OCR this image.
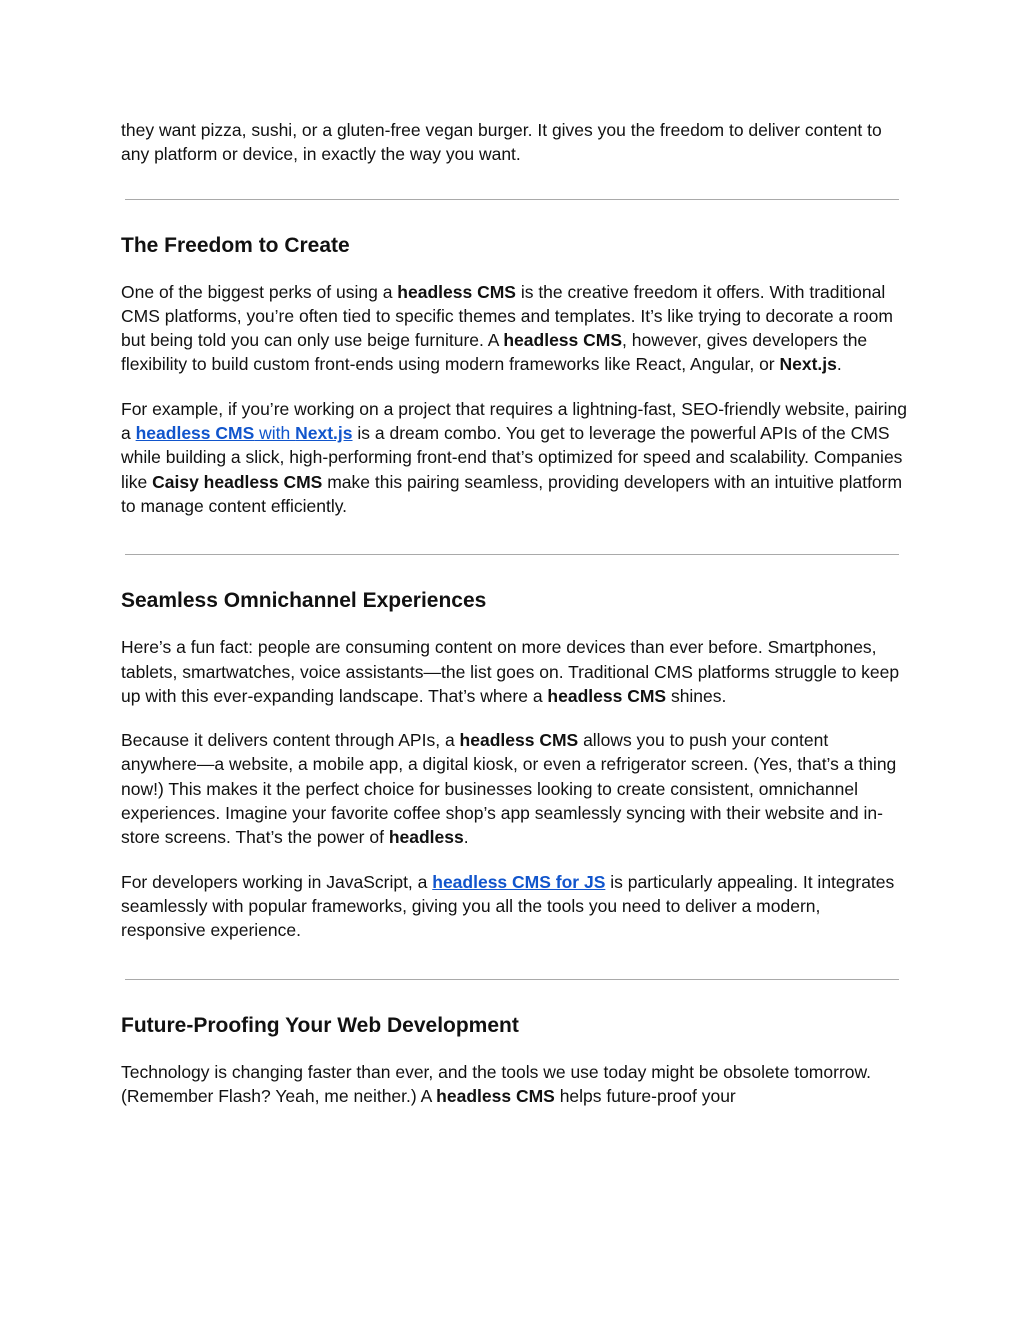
they want pizza, sushi, or a gluten-free vegan burger. It gives you the freedom to deliver content to any platform or device, in exactly the way you want.

The Freedom to Create

One of the biggest perks of using a headless CMS is the creative freedom it offers. With traditional CMS platforms, you’re often tied to specific themes and templates. It’s like trying to decorate a room but being told you can only use beige furniture. A headless CMS, however, gives developers the flexibility to build custom front-ends using modern frameworks like React, Angular, or Next.js.

For example, if you’re working on a project that requires a lightning-fast, SEO-friendly website, pairing a headless CMS with Next.js is a dream combo. You get to leverage the powerful APIs of the CMS while building a slick, high-performing front-end that’s optimized for speed and scalability. Companies like Caisy headless CMS make this pairing seamless, providing developers with an intuitive platform to manage content efficiently.

Seamless Omnichannel Experiences

Here’s a fun fact: people are consuming content on more devices than ever before. Smartphones, tablets, smartwatches, voice assistants—the list goes on. Traditional CMS platforms struggle to keep up with this ever-expanding landscape. That’s where a headless CMS shines.

Because it delivers content through APIs, a headless CMS allows you to push your content anywhere—a website, a mobile app, a digital kiosk, or even a refrigerator screen. (Yes, that’s a thing now!) This makes it the perfect choice for businesses looking to create consistent, omnichannel experiences. Imagine your favorite coffee shop’s app seamlessly syncing with their website and in-store screens. That’s the power of headless.

For developers working in JavaScript, a headless CMS for JS is particularly appealing. It integrates seamlessly with popular frameworks, giving you all the tools you need to deliver a modern, responsive experience.

Future-Proofing Your Web Development

Technology is changing faster than ever, and the tools we use today might be obsolete tomorrow. (Remember Flash? Yeah, me neither.) A headless CMS helps future-proof your
